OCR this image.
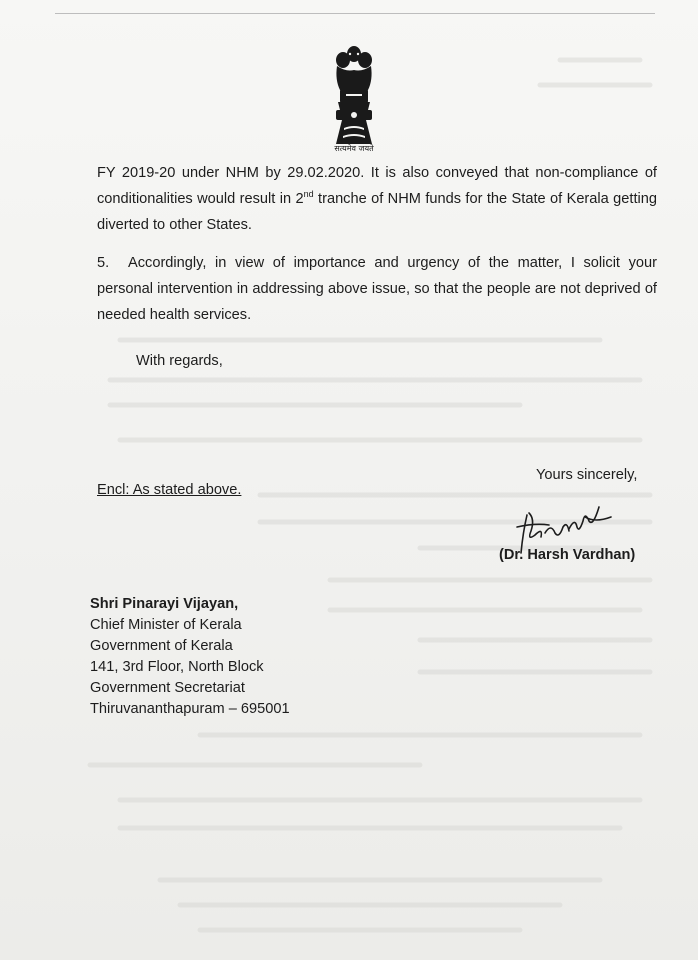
सत्यमेव जयते

FY 2019-20 under NHM by 29.02.2020. It is also conveyed that non-compliance of conditionalities would result in 2nd tranche of NHM funds for the State of Kerala getting diverted to other States.

5. Accordingly, in view of importance and urgency of the matter, I solicit your personal intervention in addressing above issue, so that the people are not deprived of needed health services.

With regards,
Yours sincerely,
Encl: As stated above.
(Dr. Harsh Vardhan)
Shri Pinarayi Vijayan,
Chief Minister of Kerala
Government of Kerala
141, 3rd Floor, North Block
Government Secretariat
Thiruvananthapuram – 695001
